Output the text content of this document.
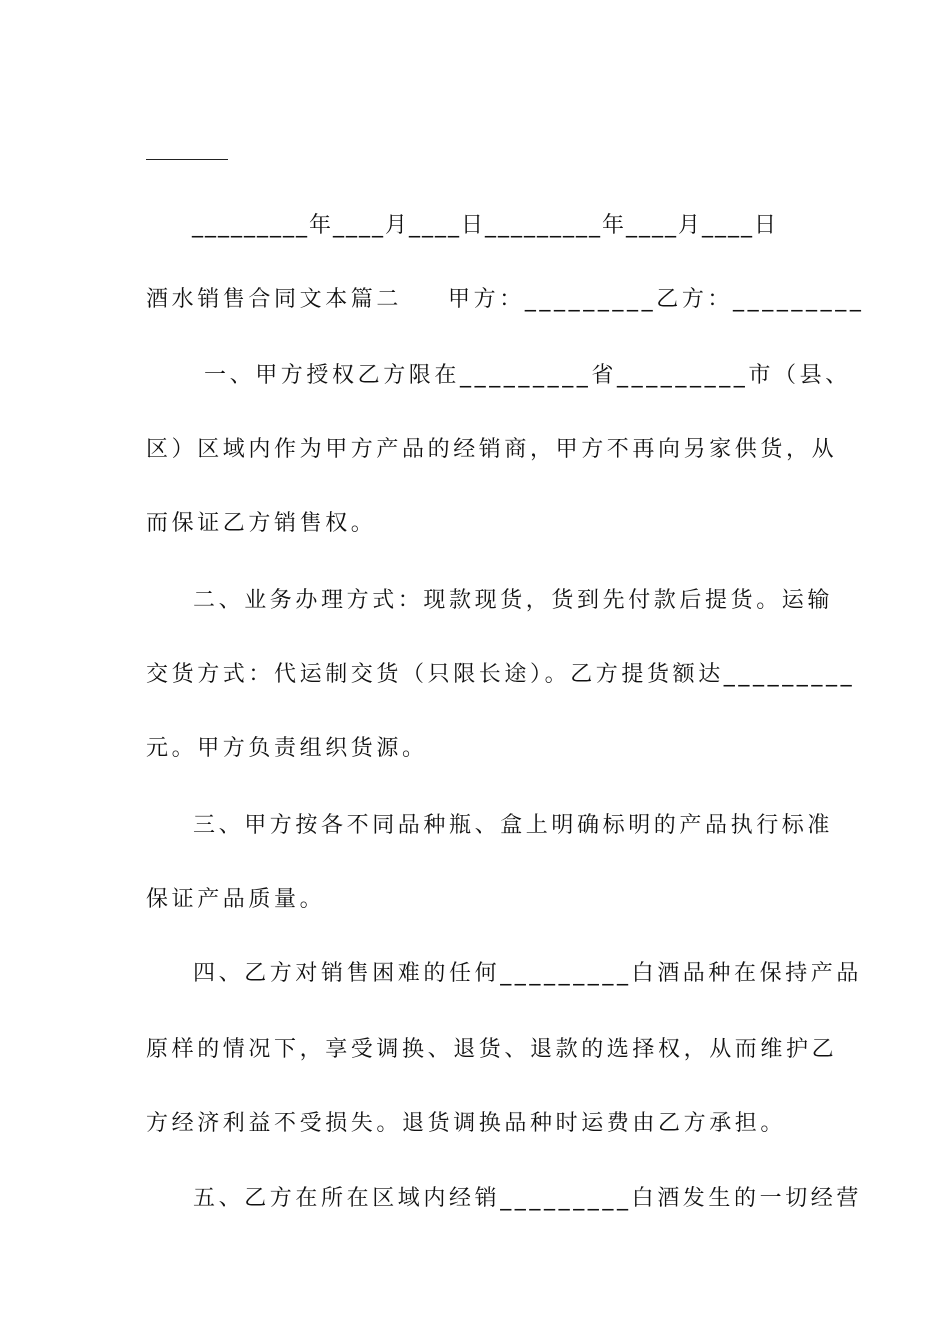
_________年____月____日_________年____月____日
酒水销售合同文本篇二 甲方：_________乙方：_________
一、甲方授权乙方限在_________省_________市（县、
区）区域内作为甲方产品的经销商，甲方不再向另家供货，从
而保证乙方销售权。
二、业务办理方式：现款现货，货到先付款后提货。运输
交货方式：代运制交货（只限长途）。乙方提货额达_________
元。甲方负责组织货源。
三、甲方按各不同品种瓶、盒上明确标明的产品执行标准
保证产品质量。
四、乙方对销售困难的任何_________白酒品种在保持产品
原样的情况下，享受调换、退货、退款的选择权，从而维护乙
方经济利益不受损失。退货调换品种时运费由乙方承担。
五、乙方在所在区域内经销_________白酒发生的一切经营
